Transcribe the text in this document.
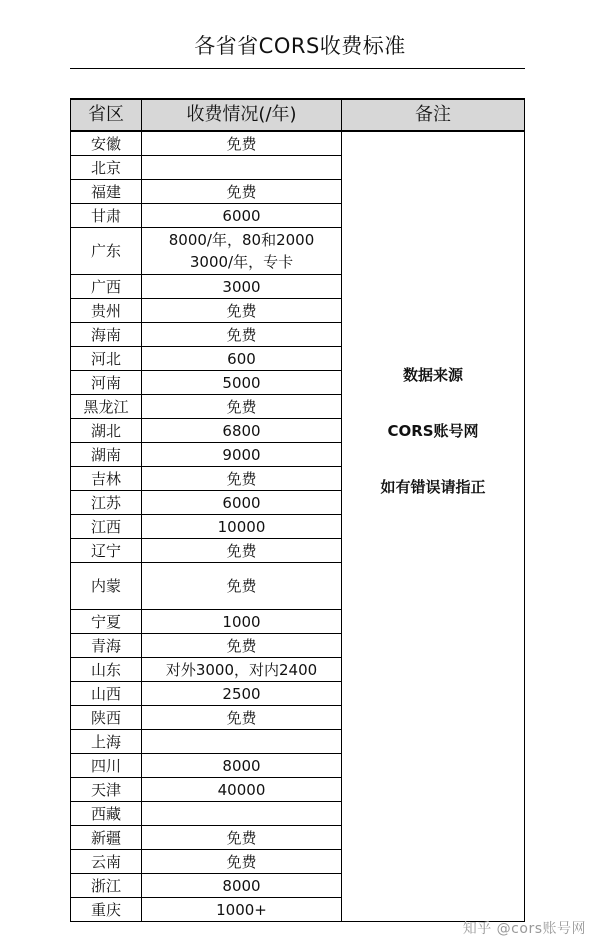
各省省CORS收费标准
省区	收费情况(/年)	备注
安徽	免费	数据来源
CORS账号网
如有错误请指正

北京		
福建	免费	
甘肃	6000	
广东	8000/年，80和2000
3000/年，专卡	
广西	3000	
贵州	免费	
海南	免费	
河北	600	
河南	5000	
黑龙江	免费	
湖北	6800	
湖南	9000	
吉林	免费	
江苏	6000	
江西	10000	
辽宁	免费	
内蒙	免费	
宁夏	1000	
青海	免费	
山东	对外3000，对内2400	
山西	2500	
陕西	免费	
上海		
四川	8000	
天津	40000	
西藏		
新疆	免费	
云南	免费	
浙江	8000	
重庆	1000+	
知乎 @cors账号网
